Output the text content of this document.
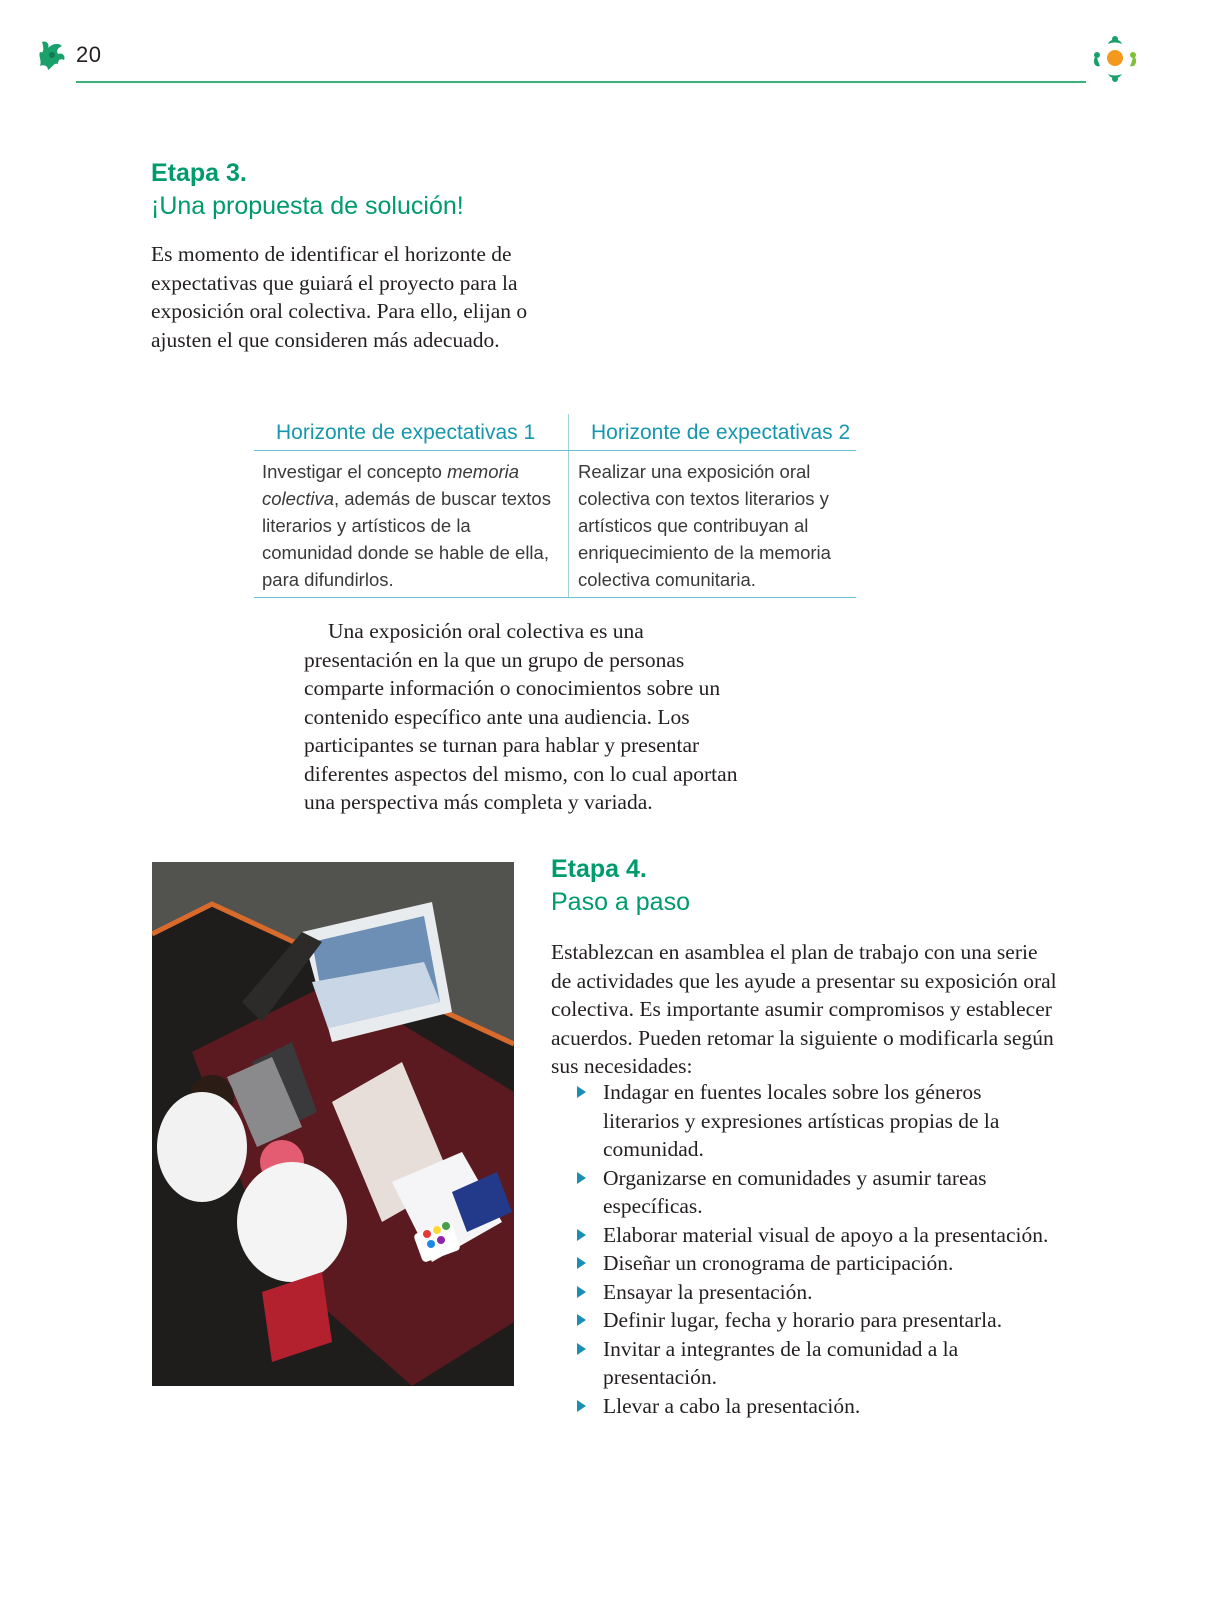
20
Etapa 3.
¡Una propuesta de solución!
Es momento de identificar el horizonte de expectativas que guiará el proyecto para la exposición oral colectiva. Para ello, elijan o ajusten el que consideren más adecuado.
Horizonte de expectativas 1	Horizonte de expectativas 2
Investigar el concepto memoria colectiva, además de buscar textos literarios y artísticos de la comunidad donde se hable de ella, para difundirlos.	Realizar una exposición oral colectiva con textos literarios y artísticos que contribuyan al enriquecimiento de la memoria colectiva comunitaria.
Una exposición oral colectiva es una presentación en la que un grupo de personas comparte información o conocimientos sobre un contenido específico ante una audiencia. Los participantes se turnan para hablar y presentar diferentes aspectos del mismo, con lo cual aportan una perspectiva más completa y variada.
Etapa 4.
Paso a paso
Establezcan en asamblea el plan de trabajo con una serie de actividades que les ayude a presentar su exposición oral colectiva. Es importante asumir compromisos y establecer acuerdos. Pueden retomar la siguiente o modificarla según sus necesidades:
Indagar en fuentes locales sobre los géneros literarios y expresiones artísticas propias de la comunidad.
Organizarse en comunidades y asumir tareas específicas.
Elaborar material visual de apoyo a la presentación.
Diseñar un cronograma de participación.
Ensayar la presentación.
Definir lugar, fecha y horario para presentarla.
Invitar a integrantes de la comunidad a la presentación.
Llevar a cabo la presentación.
